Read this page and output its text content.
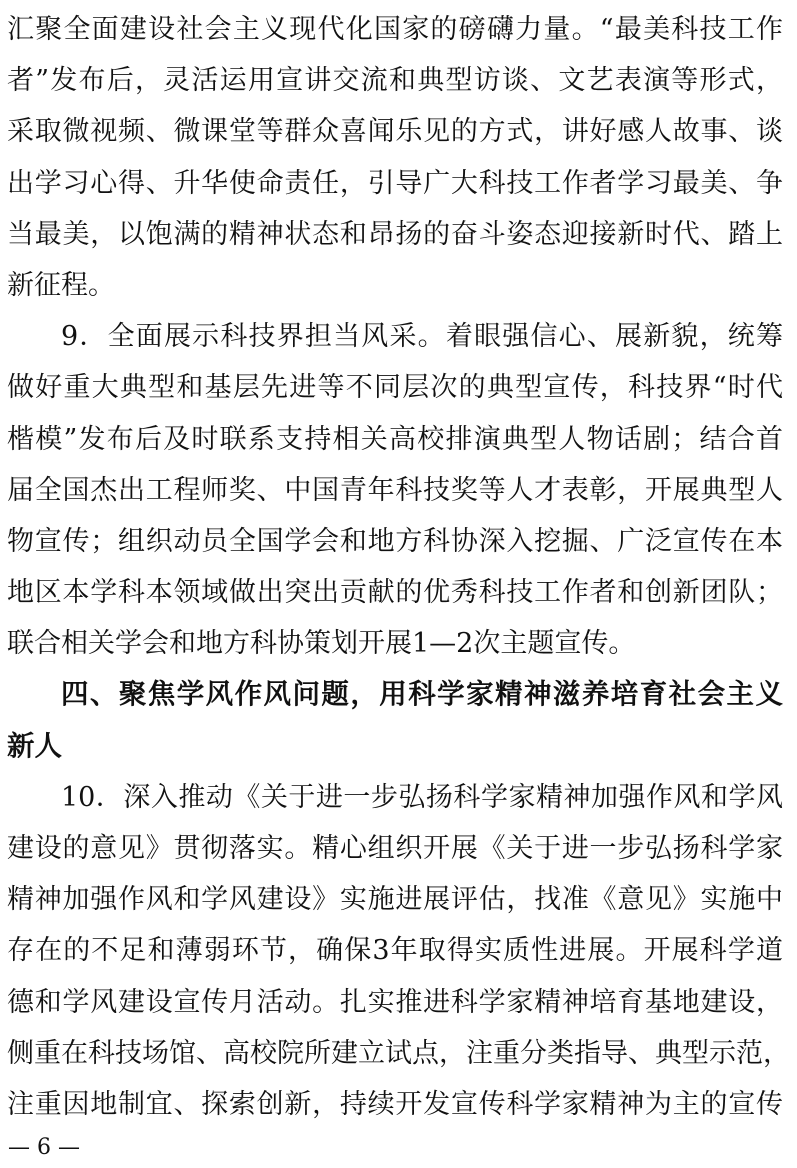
汇聚全面建设社会主义现代化国家的磅礴力量。“最美科技工作
者”发布后，灵活运用宣讲交流和典型访谈、文艺表演等形式，
采取微视频、微课堂等群众喜闻乐见的方式，讲好感人故事、谈
出学习心得、升华使命责任，引导广大科技工作者学习最美、争
当最美，以饱满的精神状态和昂扬的奋斗姿态迎接新时代、踏上
新征程。
9．全面展示科技界担当风采。着眼强信心、展新貌，统筹
做好重大典型和基层先进等不同层次的典型宣传，科技界“时代
楷模”发布后及时联系支持相关高校排演典型人物话剧；结合首
届全国杰出工程师奖、中国青年科技奖等人才表彰，开展典型人
物宣传；组织动员全国学会和地方科协深入挖掘、广泛宣传在本
地区本学科本领域做出突出贡献的优秀科技工作者和创新团队；
联合相关学会和地方科协策划开展1—2次主题宣传。
四、聚焦学风作风问题，用科学家精神滋养培育社会主义
新人
10．深入推动《关于进一步弘扬科学家精神加强作风和学风
建设的意见》贯彻落实。精心组织开展《关于进一步弘扬科学家
精神加强作风和学风建设》实施进展评估，找准《意见》实施中
存在的不足和薄弱环节，确保3年取得实质性进展。开展科学道
德和学风建设宣传月活动。扎实推进科学家精神培育基地建设，
侧重在科技场馆、高校院所建立试点，注重分类指导、典型示范，
注重因地制宜、探索创新，持续开发宣传科学家精神为主的宣传
— 6 —
